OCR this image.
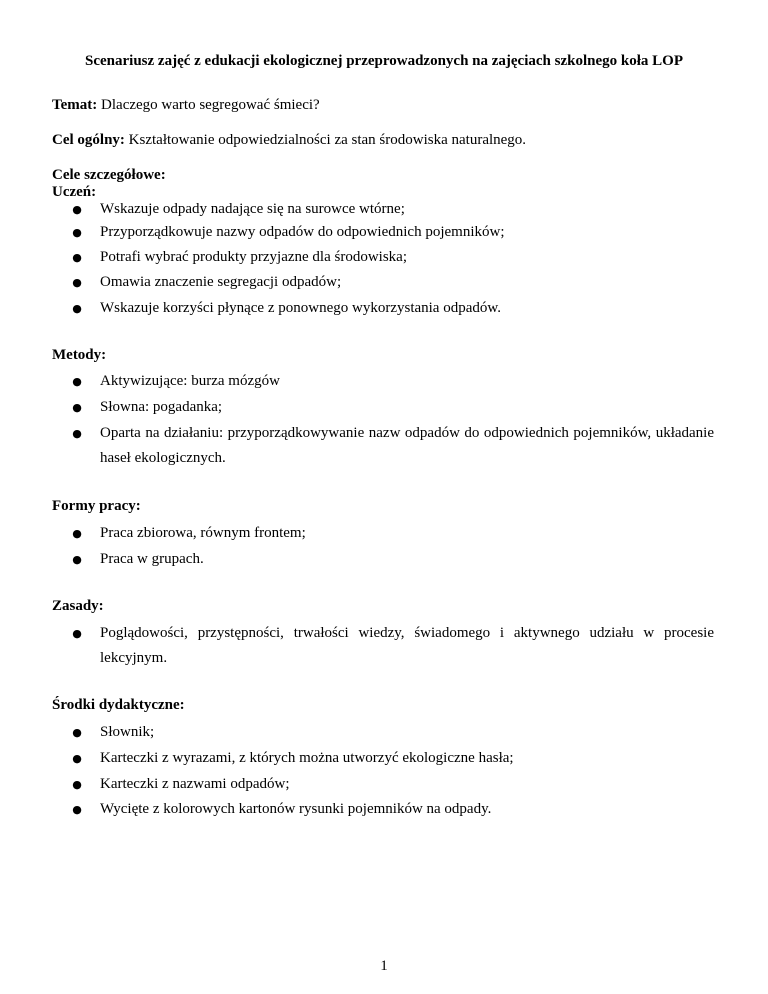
Scenariusz zajęć z edukacji ekologicznej przeprowadzonych na zajęciach szkolnego koła LOP
Temat: Dlaczego warto segregować śmieci?
Cel ogólny: Kształtowanie odpowiedzialności za stan środowiska naturalnego.
Cele szczegółowe:
Uczeń:
● Wskazuje odpady nadające się na surowce wtórne;
● Przyporządkowuje nazwy odpadów do odpowiednich pojemników;
● Potrafi wybrać produkty przyjazne dla środowiska;
● Omawia znaczenie segregacji odpadów;
● Wskazuje korzyści płynące z ponownego wykorzystania odpadów.
Metody:
● Aktywizujące: burza mózgów
● Słowna: pogadanka;
● Oparta na działaniu: przyporządkowywanie nazw odpadów do odpowiednich pojemników, układanie haseł ekologicznych.
Formy pracy:
● Praca zbiorowa, równym frontem;
● Praca w grupach.
Zasady:
● Poglądowości, przystępności, trwałości wiedzy, świadomego i aktywnego udziału w procesie lekcyjnym.
Środki dydaktyczne:
● Słownik;
● Karteczki z wyrazami, z których można utworzyć ekologiczne hasła;
● Karteczki z nazwami odpadów;
● Wycięte z kolorowych kartonów rysunki pojemników na odpady.
1
